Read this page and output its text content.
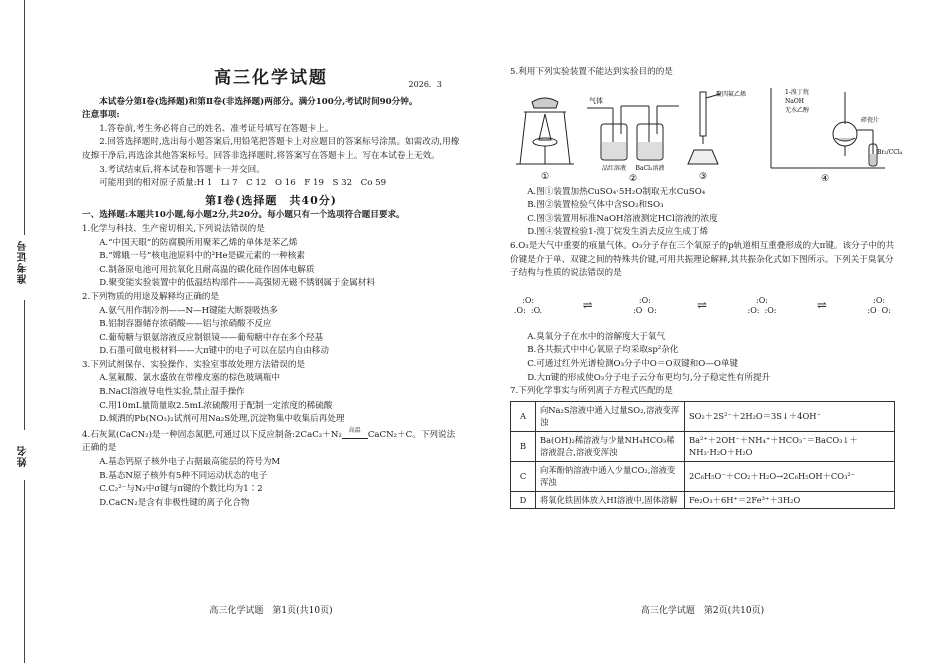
准考证号
姓名
高三化学试题	2026．3

本试卷分第Ⅰ卷(选择题)和第Ⅱ卷(非选择题)两部分。满分100分,考试时间90分钟。

注意事项:

1.答卷前,考生务必将自己的姓名、准考证号填写在答题卡上。

2.回答选择题时,选出每小题答案后,用铅笔把答题卡上对应题目的答案标号涂黑。如需改动,用橡皮擦干净后,再选涂其他答案标号。回答非选择题时,将答案写在答题卡上。写在本试卷上无效。

3.考试结束后,将本试卷和答题卡一并交回。

可能用到的相对原子质量:H 1　Li 7　C 12　O 16　F 19　S 32　Co 59

第Ⅰ卷(选择题　共40分)

一、选择题:本题共10小题,每小题2分,共20分。每小题只有一个选项符合题目要求。

1.化学与科技、生产密切相关,下列说法错误的是

A.“中国天眼”的防腐膜所用聚苯乙烯的单体是苯乙烯

B.“嫦娥一号”核电池原料中的³He是碳元素的一种核素

C.制备原电池可用抗氧化且耐高温的碳化硅作固体电解质

D.聚变能实验装置中的低温结构部件——高强韧无磁不锈钢属于金属材料

2.下列物质的用途及解释均正确的是

A.氨气用作制冷剂——N—H键能大断裂吸热多

B.铝制容器储存浓硝酸——铝与浓硝酸不反应

C.葡萄糖与银氨溶液反应制银镜——葡萄糖中存在多个羟基

D.石墨可做电极材料——大π键中的电子可以在层内自由移动

3.下列试剂保存、实验操作、实验室事故处理方法错误的是

A.氢氟酸、氯水盛放在带橡皮塞的棕色玻璃瓶中

B.NaCl溶液导电性实验,禁止湿手操作

C.用10mL量筒量取2.5mL浓硫酸用于配制一定浓度的稀硫酸

D.倾洒的Pb(NO₃)₂试剂可用Na₂S处理,沉淀物集中收集后再处理

4.石灰氮(CaCN₂)是一种固态氮肥,可通过以下反应制备:2CaC₂＋N₂ 高温 CaCN₂＋C。下列说法正确的是

A.基态钙原子核外电子占据最高能层的符号为M

B.基态N原子核外有5种不同运动状态的电子

C.C₂²⁻与N₂中σ键与π键的个数比均为1∶2

D.CaCN₂是含有非极性键的离子化合物

高三化学试题　第1页(共10页)

5.利用下列实验装置不能达到实验目的的是

①
气体
品红溶液 BaCl₂溶液
②
聚四氟乙烯
③
1-溴丁烷
NaOH
无水乙醇
碎瓷片
Br₂/CCl₄
④

A.图①装置加热CuSO₄·5H₂O制取无水CuSO₄

B.图②装置检验气体中含SO₂和SO₃

C.图③装置用标准NaOH溶液测定HCl溶液的浓度

D.图④装置检验1-溴丁烷发生消去反应生成丁烯

6.O₃是大气中重要的痕量气体。O₃分子存在三个氧原子的p轨道相互重叠形成的大π键。该分子中的共价键是介于单、双键之间的特殊共价键,可用共振理论解释,其共振杂化式如下图所示。下列关于臭氧分子结构与性质的说法错误的是

:O:
.O:  :O.	⇌	:O:
:O  O:	⇌	:O:
:O:  :O:	⇌	:O:
:O  O:

A.臭氧分子在水中的溶解度大于氧气

B.各共振式中中心氧原子均采取sp²杂化

C.可通过红外光谱检测O₃分子中O＝O双键和O—O单键

D.大π键的形成使O₃分子电子云分布更均匀,分子稳定性有所提升

7.下列化学事实与所列离子方程式匹配的是

A	向Na₂S溶液中通入过量SO₂,溶液变浑浊	SO₂＋2S²⁻＋2H₂O＝3S↓＋4OH⁻
B	Ba(OH)₂稀溶液与少量NH₄HCO₃稀溶液混合,溶液变浑浊	Ba²⁺＋2OH⁻＋NH₄⁺＋HCO₃⁻＝BaCO₃↓＋NH₃·H₂O＋H₂O
C	向苯酚钠溶液中通入少量CO₂,溶液变浑浊	2C₆H₅O⁻＋CO₂＋H₂O→2C₆H₅OH＋CO₃²⁻
D	将氧化铁固体放入HI溶液中,固体溶解	Fe₂O₃＋6H⁺＝2Fe³⁺＋3H₂O
高三化学试题　第2页(共10页)
